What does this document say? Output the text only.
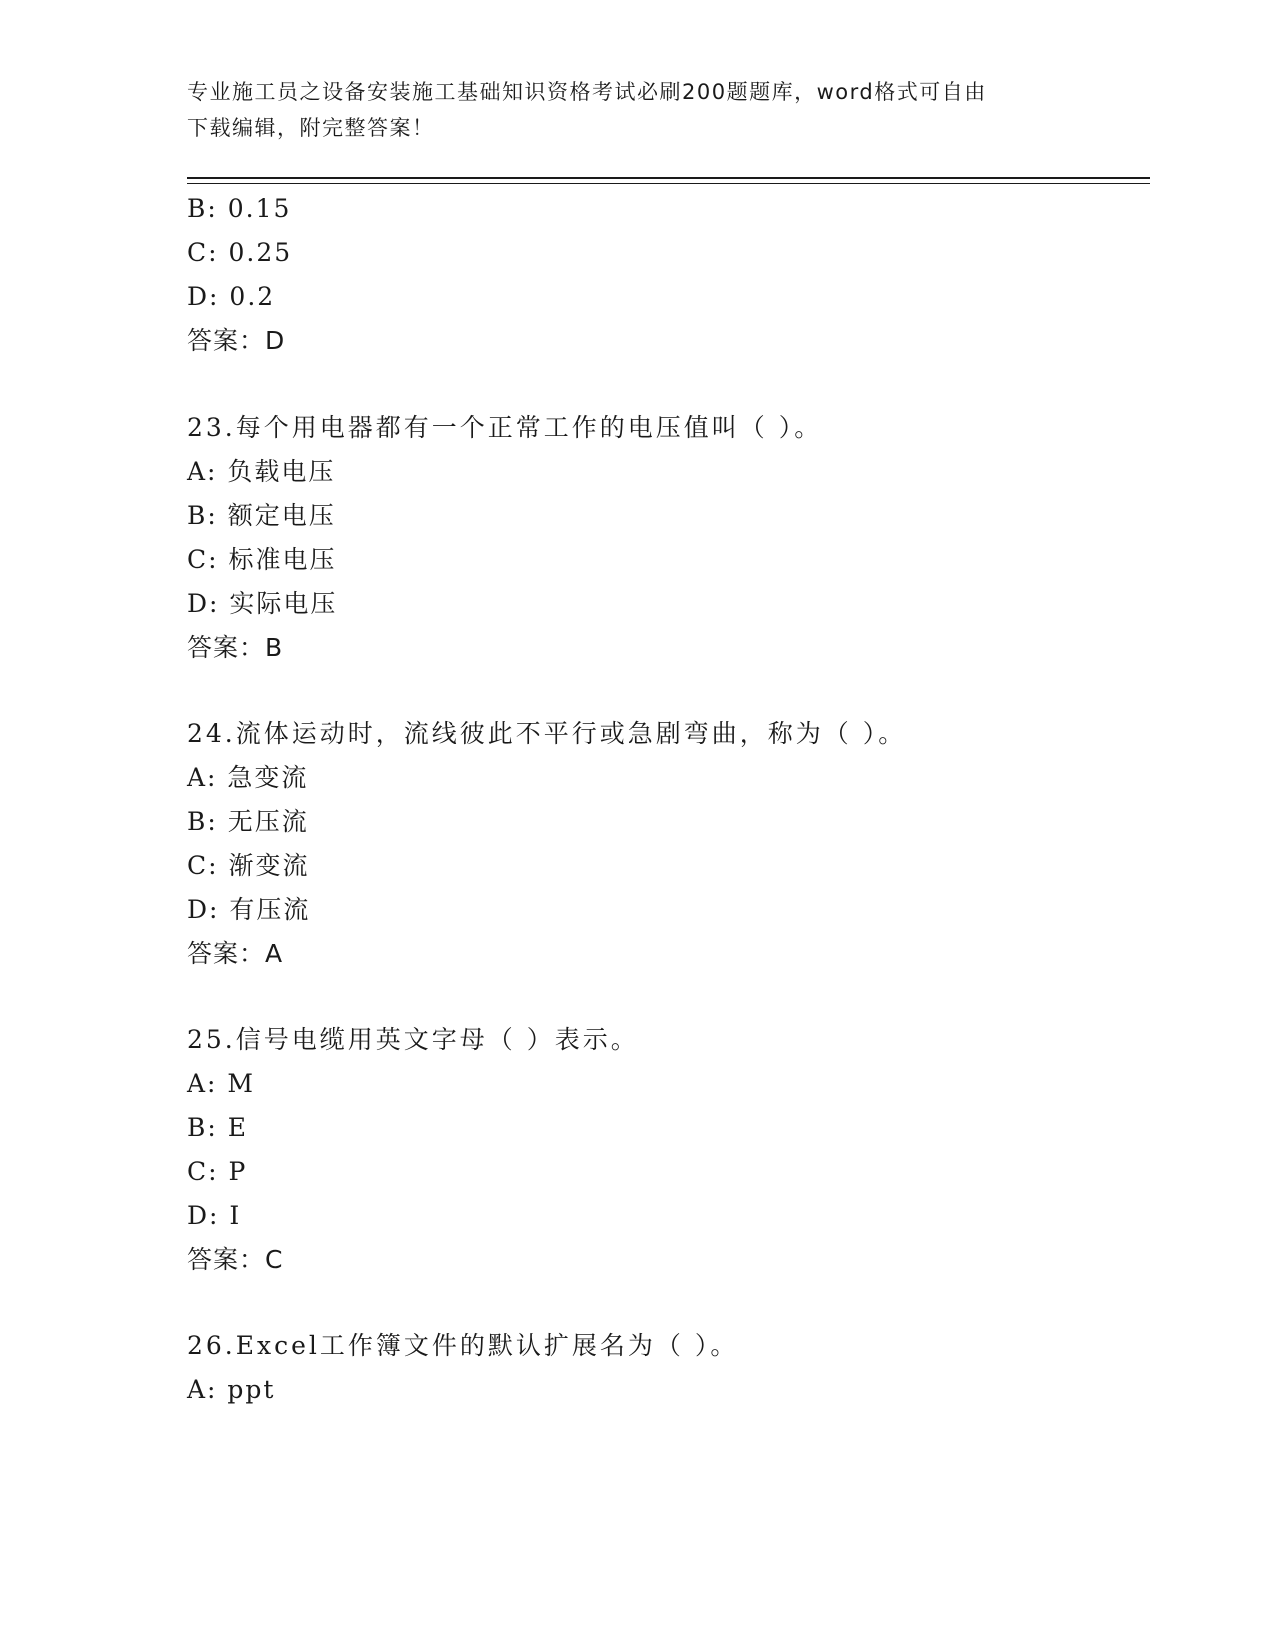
专业施工员之设备安装施工基础知识资格考试必刷200题题库，word格式可自由
下载编辑，附完整答案！
B: 0.15
C: 0.25
D: 0.2
答案：D
23.每个用电器都有一个正常工作的电压值叫（ ）。
A: 负载电压
B: 额定电压
C: 标准电压
D: 实际电压
答案：B
24.流体运动时，流线彼此不平行或急剧弯曲，称为（ ）。
A: 急变流
B: 无压流
C: 渐变流
D: 有压流
答案：A
25.信号电缆用英文字母（ ）表示。
A: M
B: E
C: P
D: I
答案：C
26.Excel工作簿文件的默认扩展名为（ ）。
A: ppt
